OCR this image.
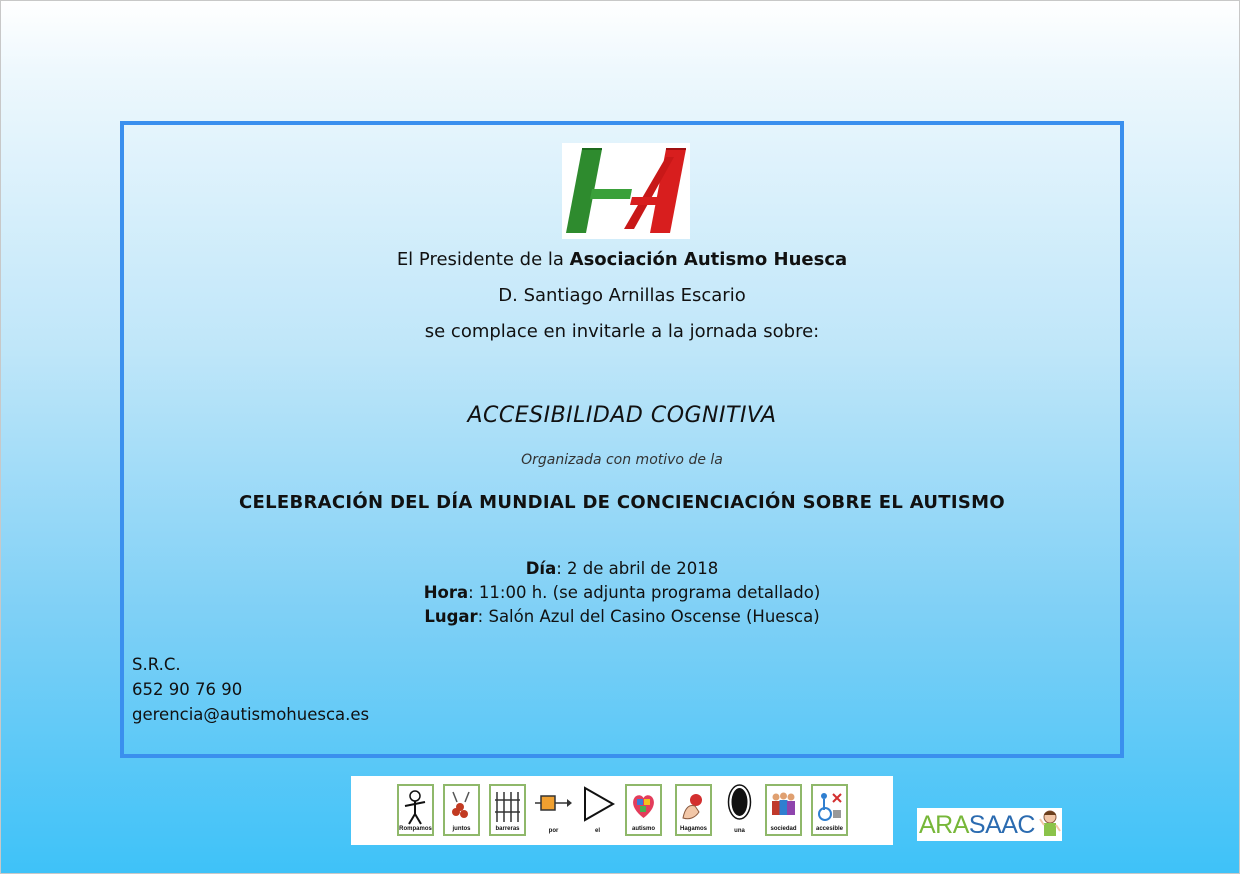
El Presidente de la Asociación Autismo Huesca
D. Santiago Arnillas Escario
se complace en invitarle a la jornada sobre:
ACCESIBILIDAD COGNITIVA
Organizada con motivo de la
CELEBRACIÓN DEL DÍA MUNDIAL DE CONCIENCIACIÓN SOBRE EL AUTISMO
Día: 2 de abril de 2018
Hora: 11:00 h. (se adjunta programa detallado)
Lugar: Salón Azul del Casino Oscense (Huesca)
S.R.C.
652 90 76 90
gerencia@autismohuesca.es
Rompamos	juntos	barreras	por	el	autismo	Hagamos	una	sociedad	accesible	ARASAAC
